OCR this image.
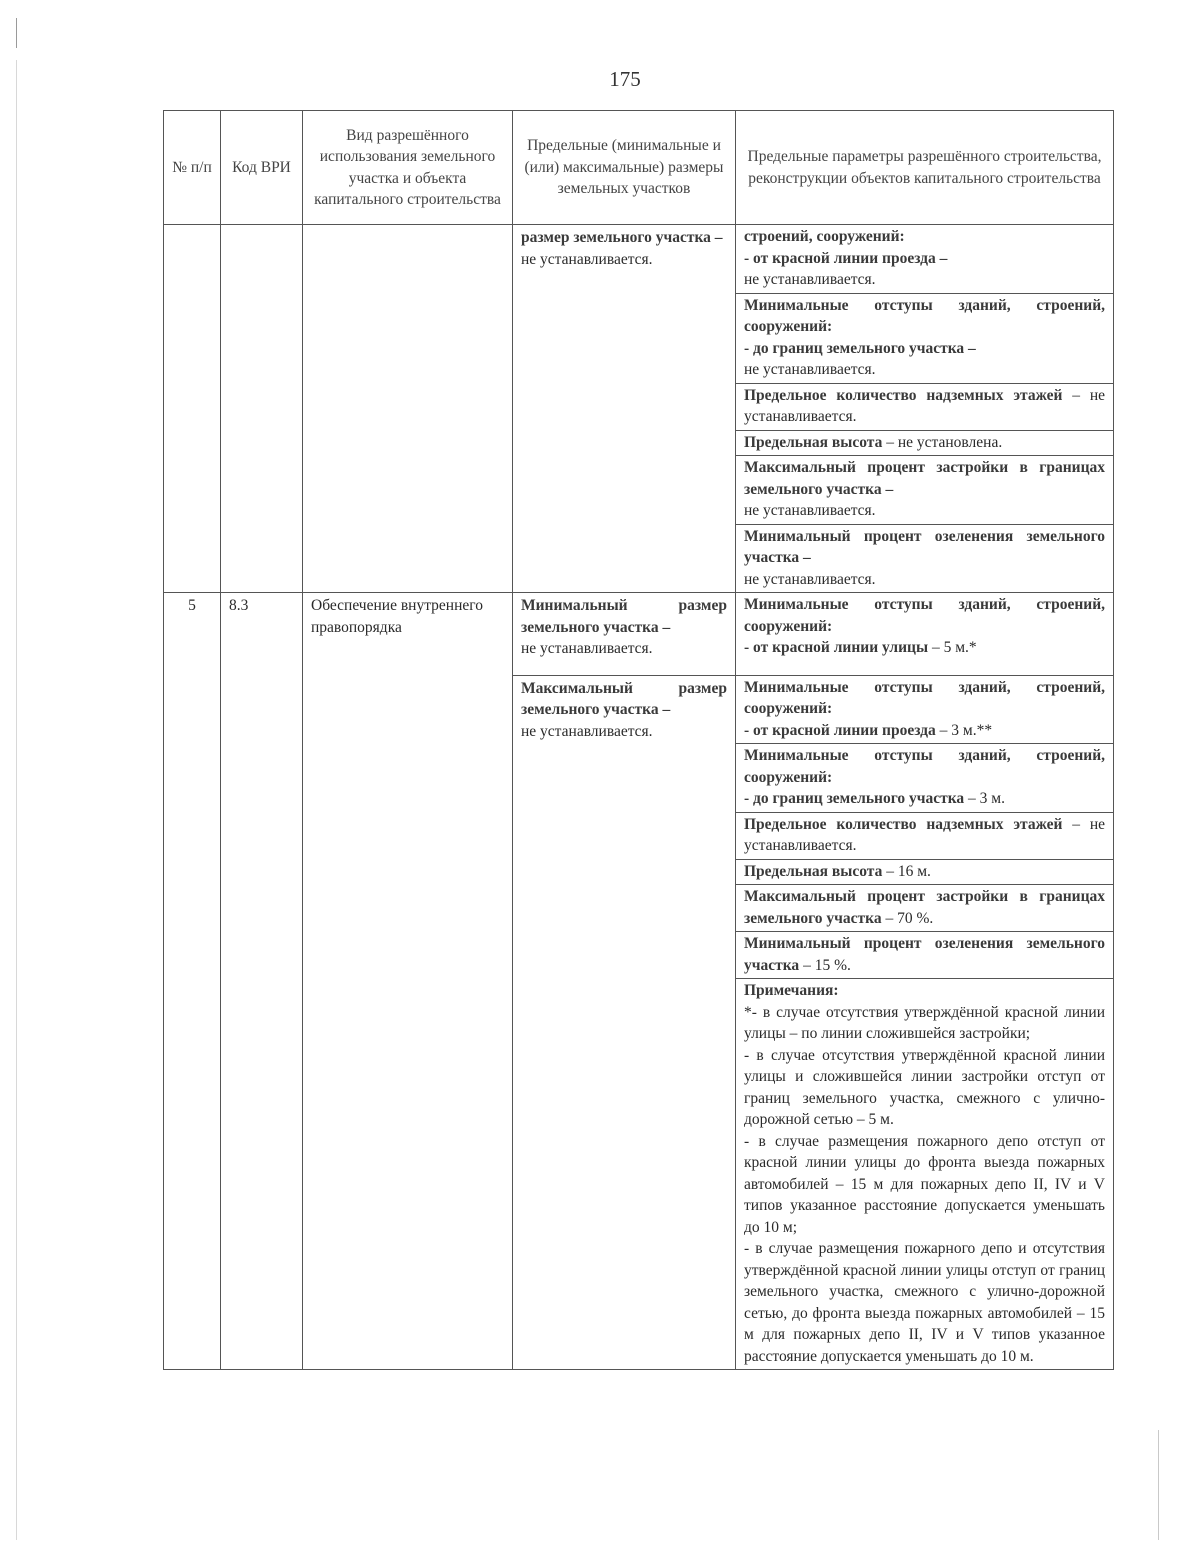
175
№ п/п	Код ВРИ	Вид разрешённого использования земельного участка и объекта капитального строительства	Предельные (минимальные и (или) максимальные) размеры земельных участков	Предельные параметры разрешённого строительства, реконструкции объектов капитального строительства
			размер земельного участка –
не устанавливается.	строений, сооружений:
- от красной линии проезда –
не устанавливается.
				Минимальные отступы зданий, строений, сооружений:
- до границ земельного участка –
не устанавливается.
				Предельное количество надземных этажей – не устанавливается.
				Предельная высота – не установлена.
				Максимальный процент застройки в границах земельного участка –
не устанавливается.
				Минимальный процент озеленения земельного участка –
не устанавливается.
5	8.3	Обеспечение внутреннего правопорядка	Минимальный размер земельного участка –
не устанавливается.	Минимальные отступы зданий, строений, сооружений:
- от красной линии улицы – 5 м.*
			Максимальный размер земельного участка –
не устанавливается.	Минимальные отступы зданий, строений, сооружений:
- от красной линии проезда – 3 м.**
				Минимальные отступы зданий, строений, сооружений:
- до границ земельного участка – 3 м.
				Предельное количество надземных этажей – не устанавливается.
				Предельная высота – 16 м.
				Максимальный процент застройки в границах земельного участка – 70 %.
				Минимальный процент озеленения земельного участка – 15 %.
				Примечания:
*- в случае отсутствия утверждённой красной линии улицы – по линии сложившейся застройки;
- в случае отсутствия утверждённой красной линии улицы и сложившейся линии застройки отступ от границ земельного участка, смежного с улично-дорожной сетью – 5 м.
- в случае размещения пожарного депо отступ от красной линии улицы до фронта выезда пожарных автомобилей – 15 м для пожарных депо II, IV и V типов указанное расстояние допускается уменьшать до 10 м;
- в случае размещения пожарного депо и отсутствия утверждённой красной линии улицы отступ от границ земельного участка, смежного с улично-дорожной сетью, до фронта выезда пожарных автомобилей – 15 м для пожарных депо II, IV и V типов указанное расстояние допускается уменьшать до 10 м.
